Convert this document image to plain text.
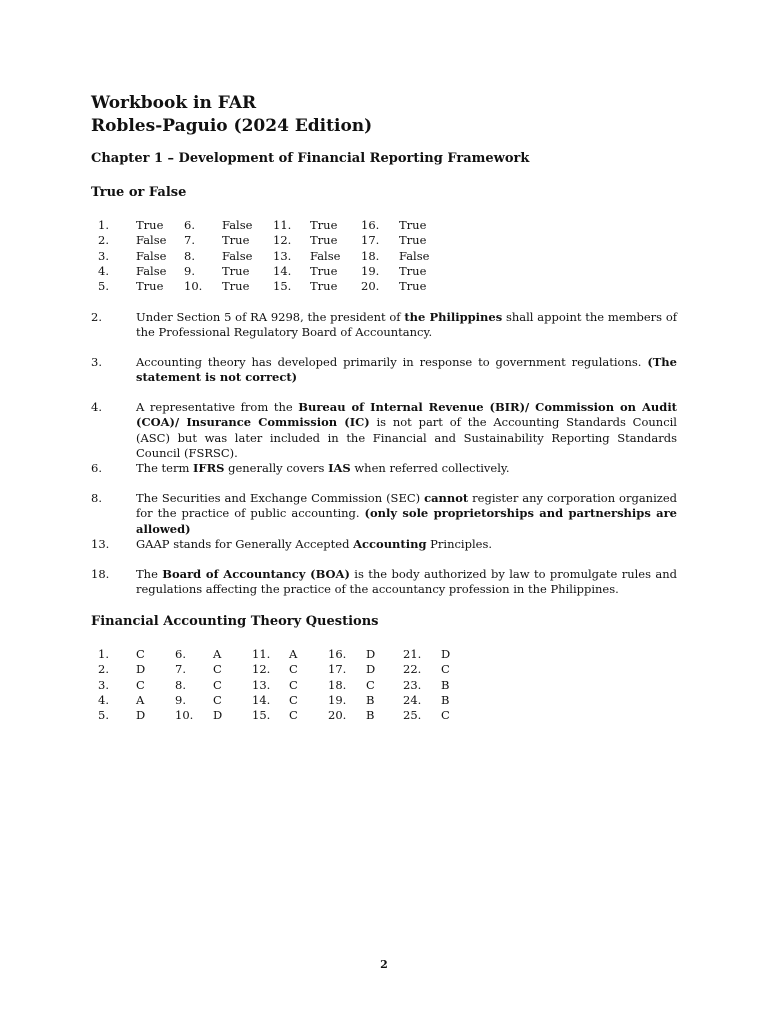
Workbook in FAR
Robles-Paguio (2024 Edition)
Chapter 1 – Development of Financial Reporting Framework
True or False
1. True 6. False 11. True 16. True
2. False 7. True 12. True 17. True
3. False 8. False 13. False 18. False
4. False 9. True 14. True 19. True
5. True 10. True 15. True 20. True
2.	Under Section 5 of RA 9298, the president of the Philippines shall appoint the members of the Professional Regulatory Board of Accountancy.
3.	Accounting theory has developed primarily in response to government regulations. (The statement is not correct)
4.	A representative from the Bureau of Internal Revenue (BIR)/ Commission on Audit (COA)/ Insurance Commission (IC) is not part of the Accounting Standards Council (ASC) but was later included in the Financial and Sustainability Reporting Standards Council (FSRSC).
6.	The term IFRS generally covers IAS when referred collectively.
8.	The Securities and Exchange Commission (SEC) cannot register any corporation organized for the practice of public accounting. (only sole proprietorships and partnerships are allowed)
13. GAAP stands for Generally Accepted Accounting Principles.
18. The Board of Accountancy (BOA) is the body authorized by law to promulgate rules and regulations affecting the practice of the accountancy profession in the Philippines.
Financial Accounting Theory Questions
1. C	6. A	11. A	16. D 21. D
2. D	7. C	12. C	17. D 22. C
3. C	8. C	13. C	18. C 23. B
4. A	9. C	14. C	19. B 24. B
5. D	10. D	15. C	20. B 25. C
2
